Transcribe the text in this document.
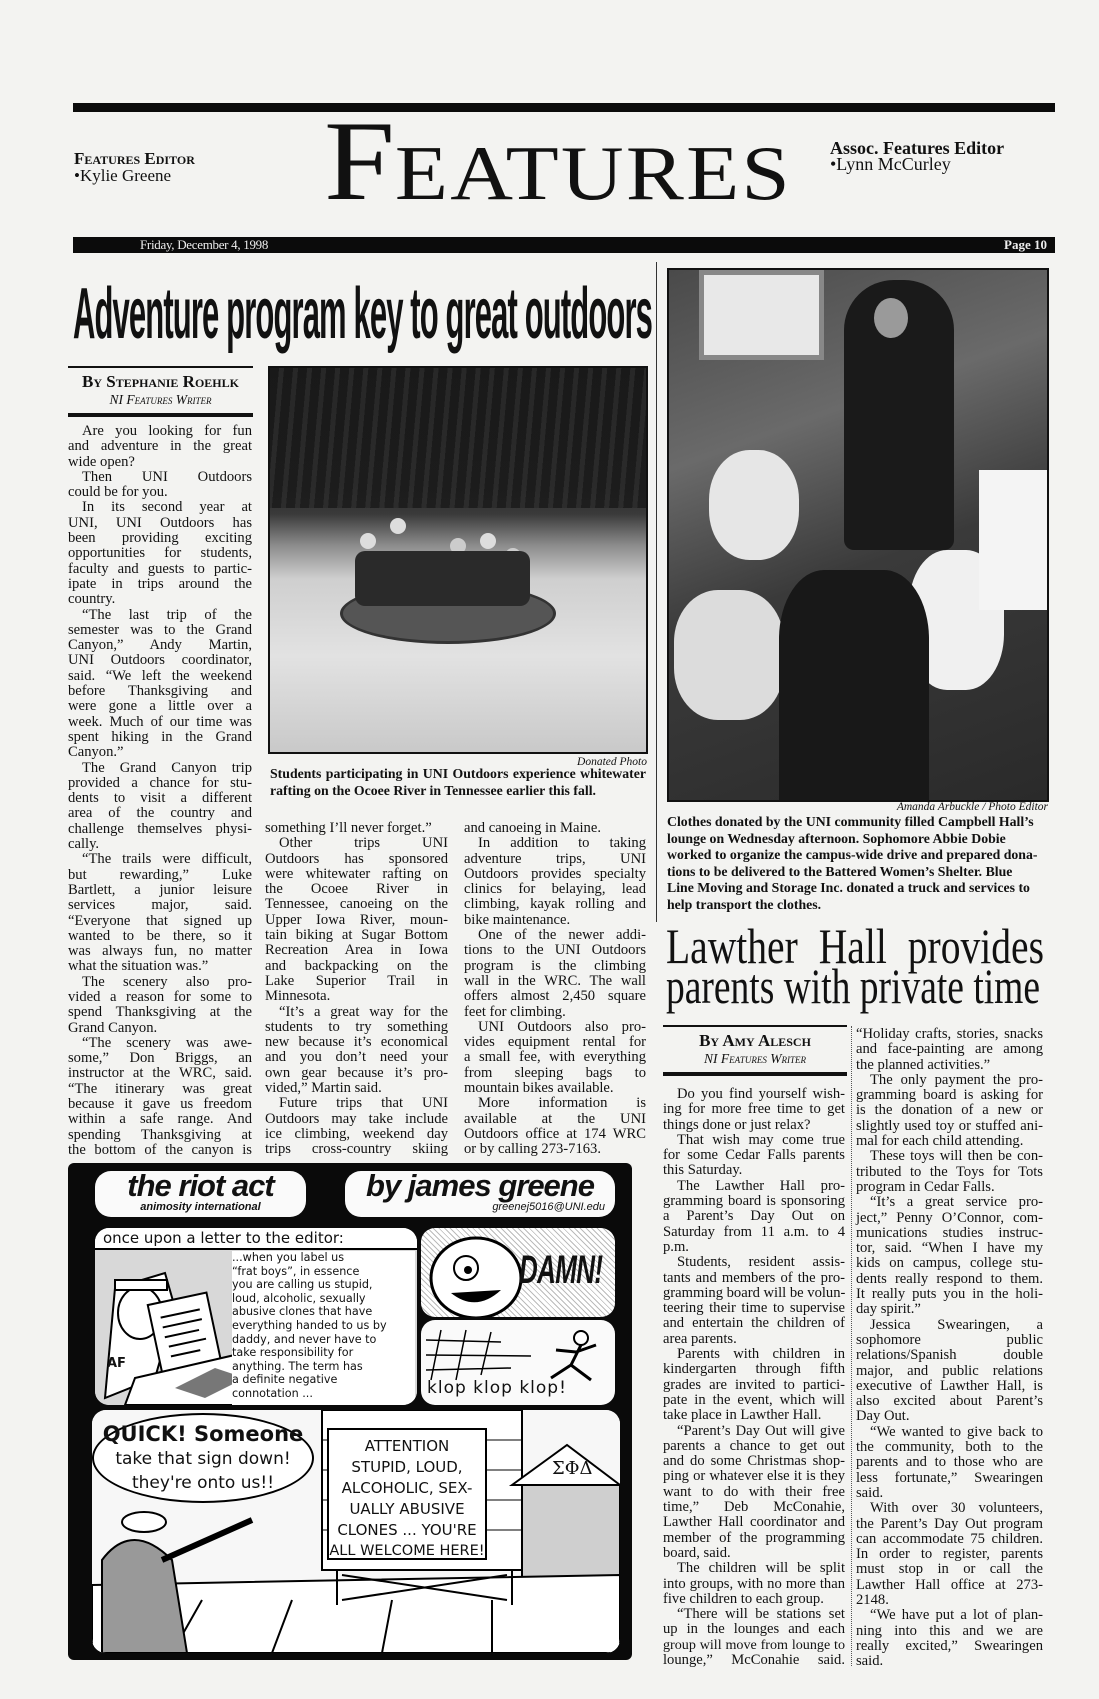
Features Editor
•Kylie Greene FEATURES Assoc. Features Editor
•Lynn McCurley
Friday, December 4, 1998	Page 10
Adventure program key to great outdoors
By Stephanie Roehlk
NI Features Writer
Are you looking for fun
and adventure in the great
wide open?
Then UNI Outdoors
could be for you.
In its second year at
UNI, UNI Outdoors has
been providing exciting
opportunities for students,
faculty and guests to partic-
ipate in trips around the
country.
“The last trip of the
semester was to the Grand
Canyon,” Andy Martin,
UNI Outdoors coordinator,
said. “We left the weekend
before Thanksgiving and
were gone a little over a
week. Much of our time was
spent hiking in the Grand
Canyon.”
The Grand Canyon trip
provided a chance for stu-
dents to visit a different
area of the country and
challenge themselves physi-
cally.
“The trails were difficult,
but rewarding,” Luke
Bartlett, a junior leisure
services major, said.
“Everyone that signed up
wanted to be there, so it
was always fun, no matter
what the situation was.”
The scenery also pro-
vided a reason for some to
spend Thanksgiving at the
Grand Canyon.
“The scenery was awe-
some,” Don Briggs, an
instructor at the WRC, said.
“The itinerary was great
because it gave us freedom
within a safe range. And
spending Thanksgiving at
the bottom of the canyon is
something I’ll never forget.”
Other trips UNI
Outdoors has sponsored
were whitewater rafting on
the Ocoee River in
Tennessee, canoeing on the
Upper Iowa River, moun-
tain biking at Sugar Bottom
Recreation Area in Iowa
and backpacking on the
Lake Superior Trail in
Minnesota.
“It’s a great way for the
students to try something
new because it’s economical
and you don’t need your
own gear because it’s pro-
vided,” Martin said.
Future trips that UNI
Outdoors may take include
ice climbing, weekend day
trips cross-country skiing
and canoeing in Maine.
In addition to taking
adventure trips, UNI
Outdoors provides specialty
clinics for belaying, lead
climbing, kayak rolling and
bike maintenance.
One of the newer addi-
tions to the UNI Outdoors
program is the climbing
wall in the WRC. The wall
offers almost 2,450 square
feet for climbing.
UNI Outdoors also pro-
vides equipment rental for
a small fee, with everything
from sleeping bags to
mountain bikes available.
More information is
available at the UNI
Outdoors office at 174 WRC
or by calling 273-7163.
Donated Photo
Students participating in UNI Outdoors experience whitewater
rafting on the Ocoee River in Tennessee earlier this fall.
Amanda Arbuckle / Photo Editor
Clothes donated by the UNI community filled Campbell Hall’s
lounge on Wednesday afternoon. Sophomore Abbie Dobie
worked to organize the campus-wide drive and prepared dona-
tions to be delivered to the Battered Women’s Shelter. Blue
Line Moving and Storage Inc. donated a truck and services to
help transport the clothes.
Lawther Hall provides
parents with private time
By Amy Alesch
NI Features Writer
Do you find yourself wish-
ing for more free time to get
things done or just relax?
That wish may come true
for some Cedar Falls parents
this Saturday.
The Lawther Hall pro-
gramming board is sponsoring
a Parent’s Day Out on
Saturday from 11 a.m. to 4
p.m.
Students, resident assis-
tants and members of the pro-
gramming board will be volun-
teering their time to supervise
and entertain the children of
area parents.
Parents with children in
kindergarten through fifth
grades are invited to partici-
pate in the event, which will
take place in Lawther Hall.
“Parent’s Day Out will give
parents a chance to get out
and do some Christmas shop-
ping or whatever else it is they
want to do with their free
time,” Deb McConahie,
Lawther Hall coordinator and
member of the programming
board, said.
The children will be split
into groups, with no more than
five children to each group.
“There will be stations set
up in the lounges and each
group will move from lounge to
lounge,” McConahie said.
“Holiday crafts, stories, snacks
and face-painting are among
the planned activities.”
The only payment the pro-
gramming board is asking for
is the donation of a new or
slightly used toy or stuffed ani-
mal for each child attending.
These toys will then be con-
tributed to the Toys for Tots
program in Cedar Falls.
“It’s a great service pro-
ject,” Penny O’Connor, com-
munications studies instruc-
tor, said. “When I have my
kids on campus, college stu-
dents really respond to them.
It really puts you in the holi-
day spirit.”
Jessica Swearingen, a
sophomore public
relations/Spanish double
major, and public relations
executive of Lawther Hall, is
also excited about Parent’s
Day Out.
“We wanted to give back to
the community, both to the
parents and to those who are
less fortunate,” Swearingen
said.
With over 30 volunteers,
the Parent’s Day Out program
can accommodate 75 children.
In order to register, parents
must stop in or call the
Lawther Hall office at 273-
2148.
“We have put a lot of plan-
ning into this and we are
really excited,” Swearingen
said.
the riot act
animosity international
by james greene
greenej5016@UNI.edu
once upon a letter to the editor:
AF
...when you label us
“frat boys”, in essence
you are calling us stupid,
loud, alcoholic, sexually
abusive clones that have
everything handed to us by
daddy, and never have to
take responsibility for
anything. The term has
a definite negative
connotation ...
DAMN!
klop klop klop!
QUICK! Someone
take that sign down!
they're onto us!!
ATTENTION
STUPID, LOUD,
ALCOHOLIC, SEX-
UALLY ABUSIVE
CLONES ... YOU'RE
ALL WELCOME HERE!
ΣΦΔ
